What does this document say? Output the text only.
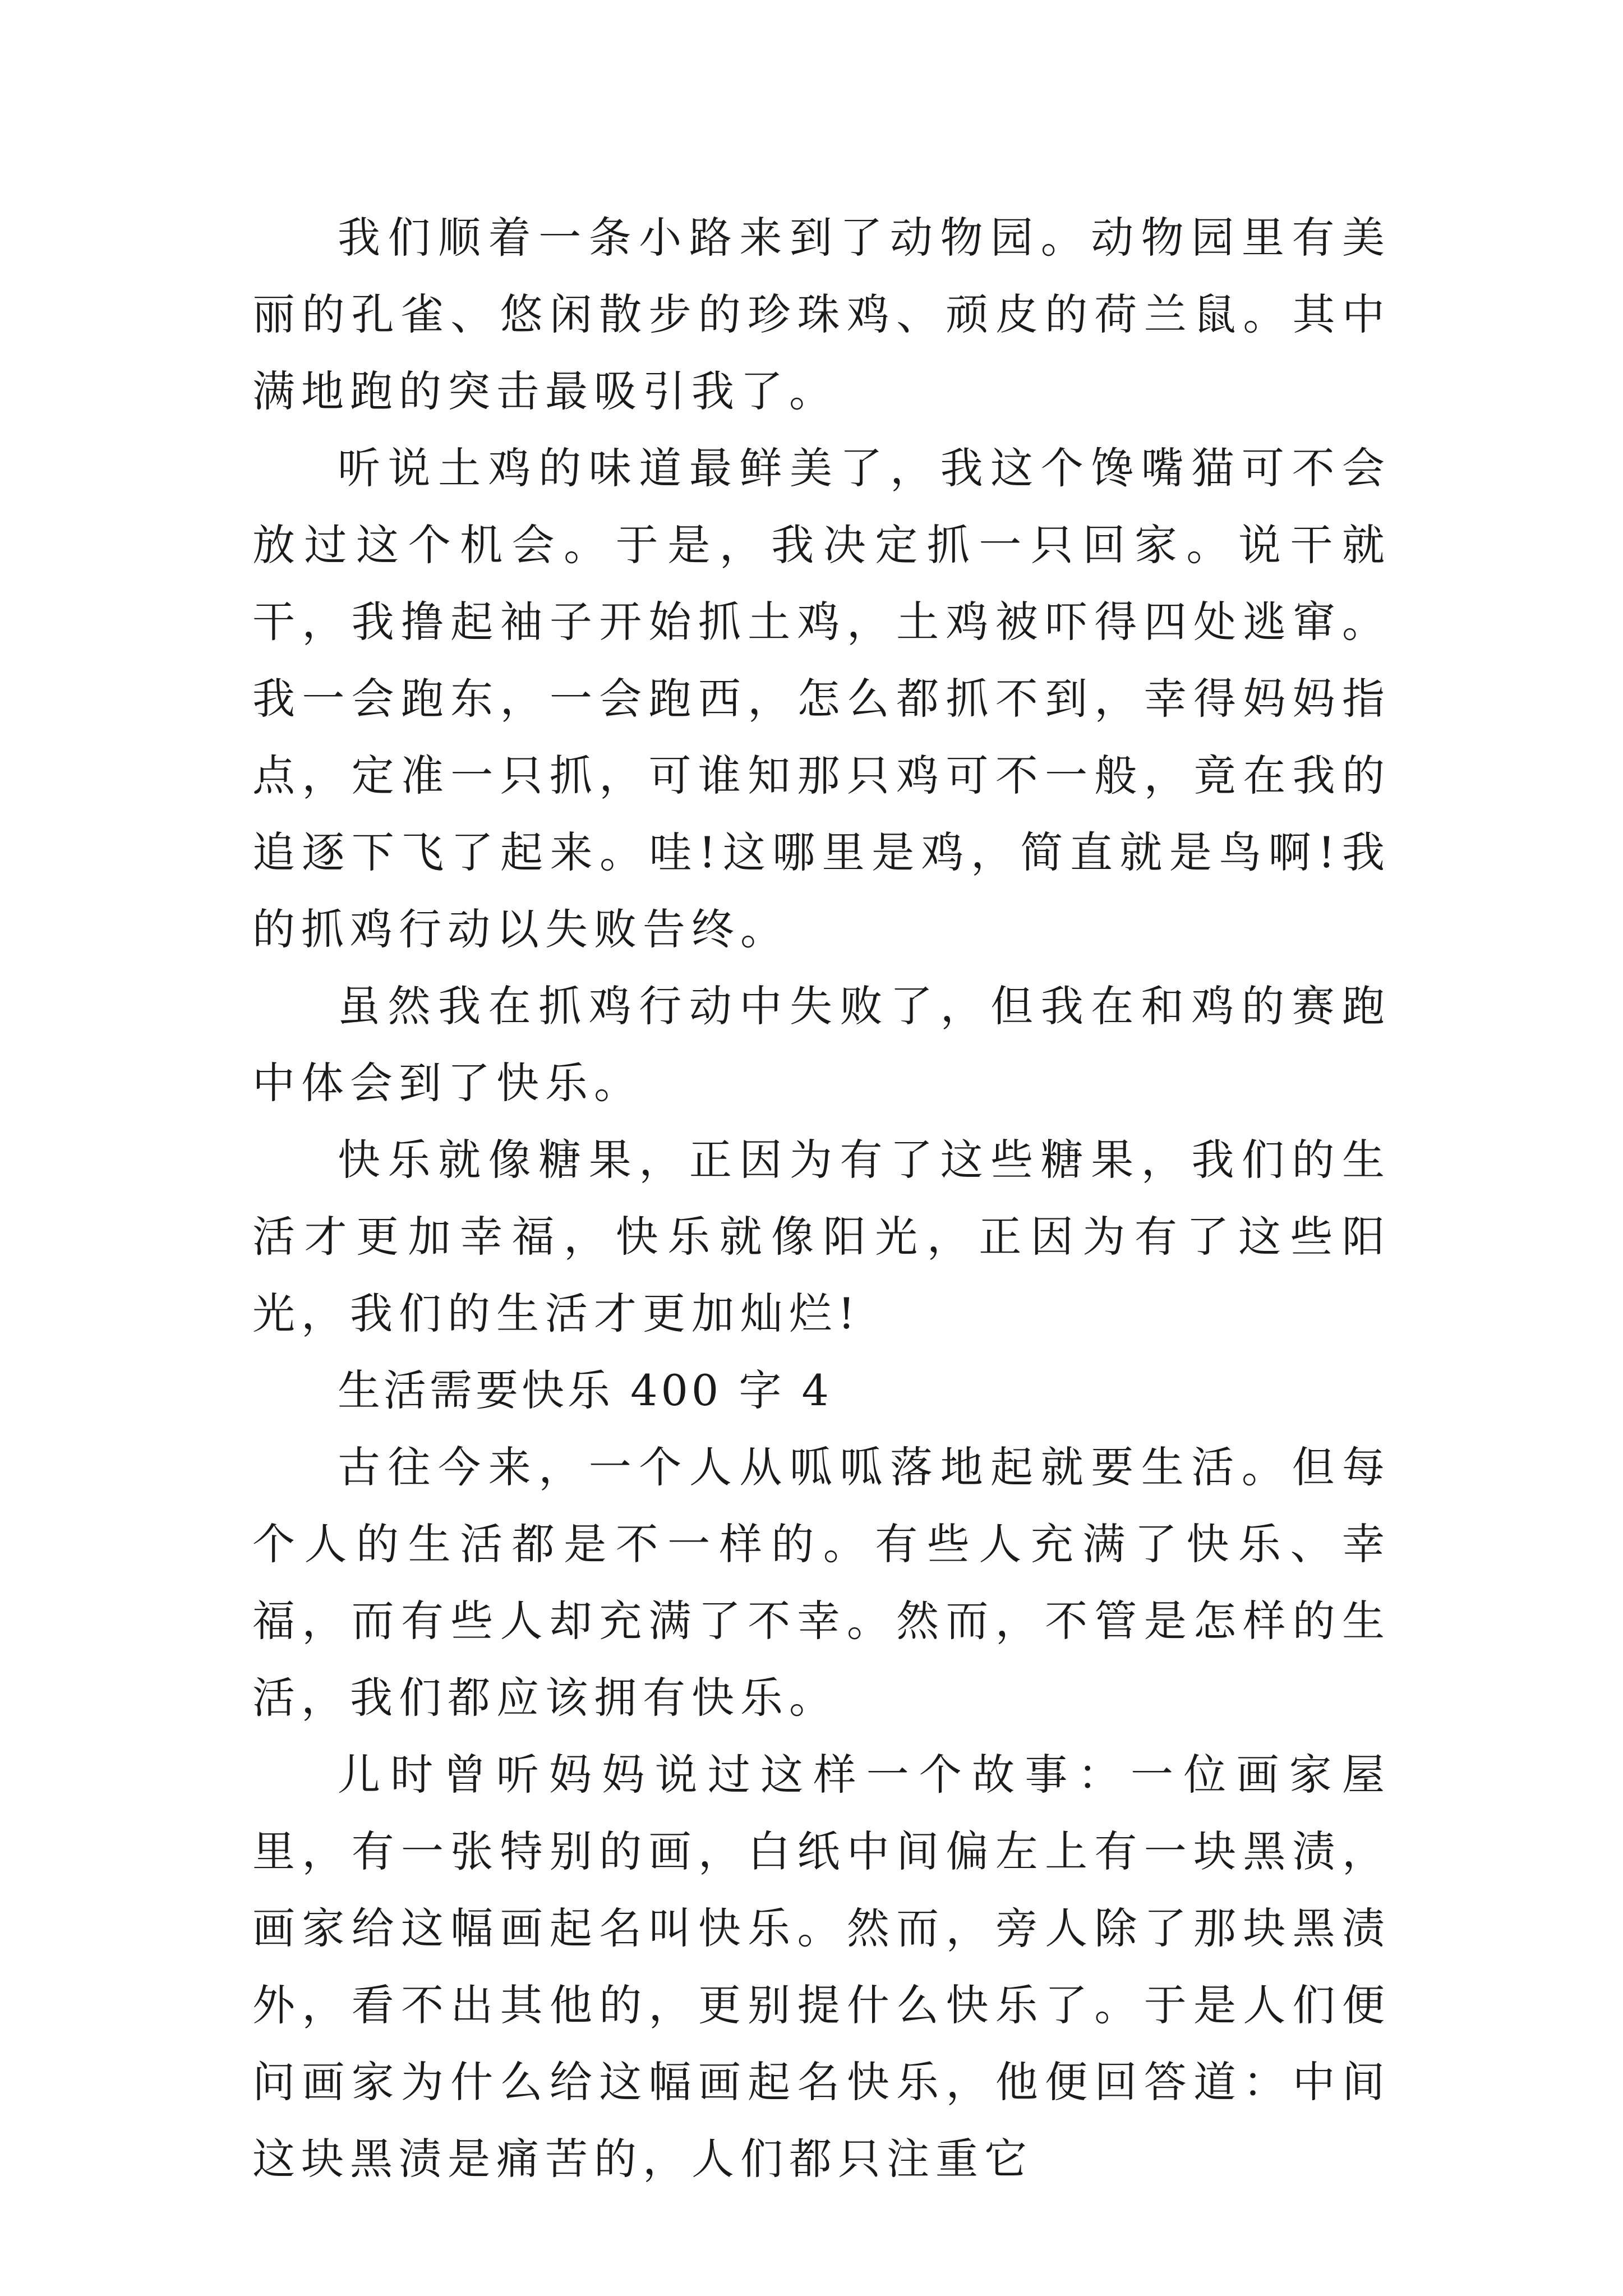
我们顺着一条小路来到了动物园。动物园里有美丽的孔雀、悠闲散步的珍珠鸡、顽皮的荷兰鼠。其中满地跑的突击最吸引我了。

听说土鸡的味道最鲜美了，我这个馋嘴猫可不会放过这个机会。于是，我决定抓一只回家。说干就干，我撸起袖子开始抓土鸡，土鸡被吓得四处逃窜。我一会跑东，一会跑西，怎么都抓不到，幸得妈妈指点，定准一只抓，可谁知那只鸡可不一般，竟在我的追逐下飞了起来。哇!这哪里是鸡，简直就是鸟啊!我的抓鸡行动以失败告终。

虽然我在抓鸡行动中失败了，但我在和鸡的赛跑中体会到了快乐。

快乐就像糖果，正因为有了这些糖果，我们的生活才更加幸福，快乐就像阳光，正因为有了这些阳光，我们的生活才更加灿烂!

生活需要快乐 400 字 4

古往今来，一个人从呱呱落地起就要生活。但每个人的生活都是不一样的。有些人充满了快乐、幸福，而有些人却充满了不幸。然而，不管是怎样的生活，我们都应该拥有快乐。

儿时曾听妈妈说过这样一个故事：一位画家屋里，有一张特别的画，白纸中间偏左上有一块黑渍，画家给这幅画起名叫快乐。然而，旁人除了那块黑渍外，看不出其他的，更别提什么快乐了。于是人们便问画家为什么给这幅画起名快乐，他便回答道：中间这块黑渍是痛苦的，人们都只注重它
